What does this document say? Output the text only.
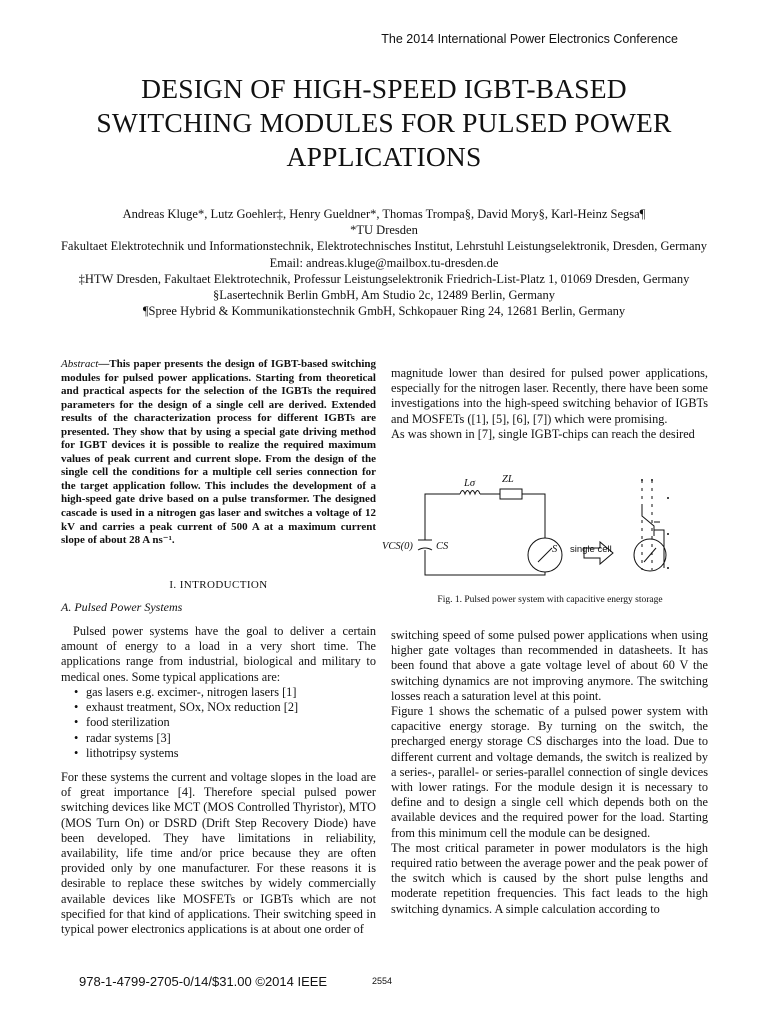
The 2014 International Power Electronics Conference
DESIGN OF HIGH-SPEED IGBT-BASED
SWITCHING MODULES FOR PULSED POWER
APPLICATIONS
Andreas Kluge*, Lutz Goehler‡, Henry Gueldner*, Thomas Trompa§, David Mory§, Karl-Heinz Segsa¶
*TU Dresden
Fakultaet Elektrotechnik und Informationstechnik, Elektrotechnisches Institut, Lehrstuhl Leistungselektronik, Dresden, Germany
Email: andreas.kluge@mailbox.tu-dresden.de
‡HTW Dresden, Fakultaet Elektrotechnik, Professur Leistungselektronik Friedrich-List-Platz 1, 01069 Dresden, Germany
§Lasertechnik Berlin GmbH, Am Studio 2c, 12489 Berlin, Germany
¶Spree Hybrid & Kommunikationstechnik GmbH, Schkopauer Ring 24, 12681 Berlin, Germany
Abstract—This paper presents the design of IGBT-based switching modules for pulsed power applications. Starting from theoretical and practical aspects for the selection of the IGBTs the required parameters for the design of a single cell are derived. Extended results of the characterization process for different IGBTs are presented. They show that by using a special gate driving method for IGBT devices it is possible to realize the required maximum values of peak current and current slope. From the design of the single cell the conditions for a multiple cell series connection for the target application follow. This includes the development of a high-speed gate drive based on a pulse transformer. The designed cascade is used in a nitrogen gas laser and switches a voltage of 12 kV and carries a peak current of 500 A at a maximum current slope of about 28 A ns⁻¹.
I. INTRODUCTION
A. Pulsed Power Systems

Pulsed power systems have the goal to deliver a certain amount of energy to a load in a very short time. The applications range from industrial, biological and military to medical ones. Some typical applications are:

• gas lasers e.g. excimer-, nitrogen lasers [1]
• exhaust treatment, SOx, NOx reduction [2]
• food sterilization
• radar systems [3]
• lithotripsy systems
For these systems the current and voltage slopes in the load are of great importance [4]. Therefore special pulsed power switching devices like MCT (MOS Controlled Thyristor), MTO (MOS Turn On) or DSRD (Drift Step Recovery Diode) have been developed. They have limitations in reliability, availability, life time and/or price because they are often provided only by one manufacturer. For these reasons it is desirable to replace these switches by widely commercially available devices like MOSFETs or IGBTs which are not specified for that kind of applications. Their switching speed in typical power electronics applications is at about one order of
magnitude lower than desired for pulsed power applications, especially for the nitrogen laser. Recently, there have been some investigations into the high-speed switching behavior of IGBTs and MOSFETs ([1], [5], [6], [7]) which were promising.
As was shown in [7], single IGBT-chips can reach the desired
Lσ	ZL
VCS(0) CS	S single cell
Fig. 1. Pulsed power system with capacitive energy storage
switching speed of some pulsed power applications when using higher gate voltages than recommended in datasheets. It has been found that above a gate voltage level of about 60 V the switching dynamics are not improving anymore. The switching losses reach a saturation level at this point.
Figure 1 shows the schematic of a pulsed power system with capacitive energy storage. By turning on the switch, the precharged energy storage CS discharges into the load. Due to different current and voltage demands, the switch is realized by a series-, parallel- or series-parallel connection of single devices with lower ratings. For the module design it is necessary to define and to design a single cell which depends both on the available devices and the required power for the load. Starting from this minimum cell the module can be designed.
The most critical parameter in power modulators is the high required ratio between the average power and the peak power of the switch which is caused by the short pulse lengths and moderate repetition frequencies. This fact leads to the high switching dynamics. A simple calculation according to
978-1-4799-2705-0/14/$31.00 ©2014 IEEE	2554
